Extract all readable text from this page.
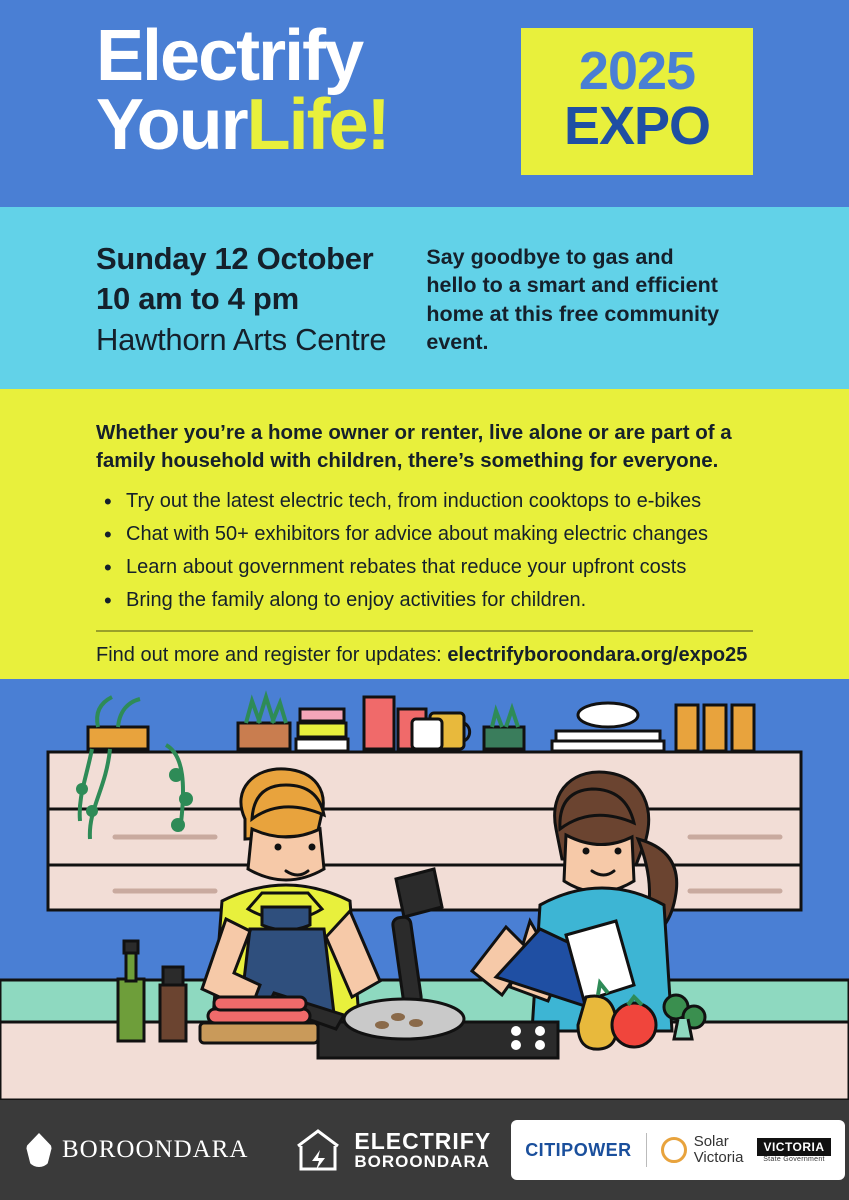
Electrify
YourLife!
2025
EXPO
Sunday 12 October
10 am to 4 pm
Hawthorn Arts Centre
Say goodbye to gas and hello to a smart and efficient home at this free community event.
Whether you’re a home owner or renter, live alone or are part of a family household with children, there’s something for everyone.
• Try out the latest electric tech, from induction cooktops to e-bikes
• Chat with 50+ exhibitors for advice about making electric changes
• Learn about government rebates that reduce your upfront costs
• Bring the family along to enjoy activities for children.
Find out more and register for updates: electrifyboroondara.org/expo25
BOROONDARA	ELECTRIFY
BOROONDARA
CITIPOWER	Solar
Victoria
VICTORIA
State Government
